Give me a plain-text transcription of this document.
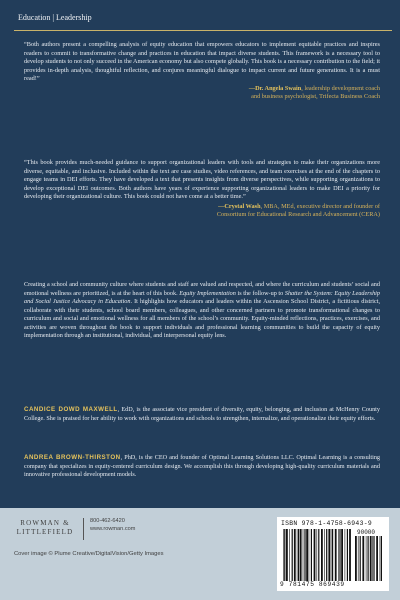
Education | Leadership
“Both authors present a compelling analysis of equity education that empowers educators to implement equitable practices and inspires readers to commit to transformative change and practices in education that impact diverse students. This framework is a necessary tool to develop students to not only succeed in the American economy but also compete globally. This book is a necessary contribution to the field; it provides in-depth analysis, thoughtful reflection, and conjures meaningful dialogue to impact current and future generations. It is a must read!”
—Dr. Angela Swain, leadership development coach
and business psychologist, Trifecta Business Coach
“This book provides much-needed guidance to support organizational leaders with tools and strategies to make their organizations more diverse, equitable, and inclusive. Included within the text are case studies, video references, and team exercises at the end of the chapters to engage teams in DEI efforts. They have developed a text that presents insights from diverse perspectives, while supporting organizations to develop exceptional DEI outcomes. Both authors have years of experience supporting organizational leaders to make DEI a priority for developing their organizational culture. This book could not have come at a better time.”
—Crystal Wash, MBA, MEd, executive director and founder of
Consortium for Educational Research and Advancement (CERA)
Creating a school and community culture where students and staff are valued and respected, and where the curriculum and students’ social and emotional wellness are prioritized, is at the heart of this book. Equity Implementation is the follow-up to Shatter the System: Equity Leadership and Social Justice Advocacy in Education. It highlights how educators and leaders within the Ascension School District, a fictitious district, collaborate with their students, school board members, colleagues, and other concerned partners to promote transformational changes to curriculum and social and emotional wellness for all members of the school’s community. Equity-minded reflections, practices, exercises, and activities are woven throughout the book to support individuals and professional learning communities to build the capacity of equity implementation through an institutional, individual, and interpersonal equity lens.
CANDICE DOWD MAXWELL, EdD, is the associate vice president of diversity, equity, belonging, and inclusion at McHenry County College. She is praised for her ability to work with organizations and schools to strengthen, internalize, and operationalize their equity efforts.
ANDREA BROWN-THIRSTON, PhD, is the CEO and founder of Optimal Learning Solutions LLC. Optimal Learning is a consulting company that specializes in equity-centered curriculum design. We accomplish this through developing high-quality curriculum materials and innovative professional development models.
ROWMAN &
LITTLEFIELD
800-462-6420
www.rowman.com
Cover image © Plume Creative/DigitalVision/Getty Images
ISBN 978-1-4758-6943-9
90000
9 781475 869439
